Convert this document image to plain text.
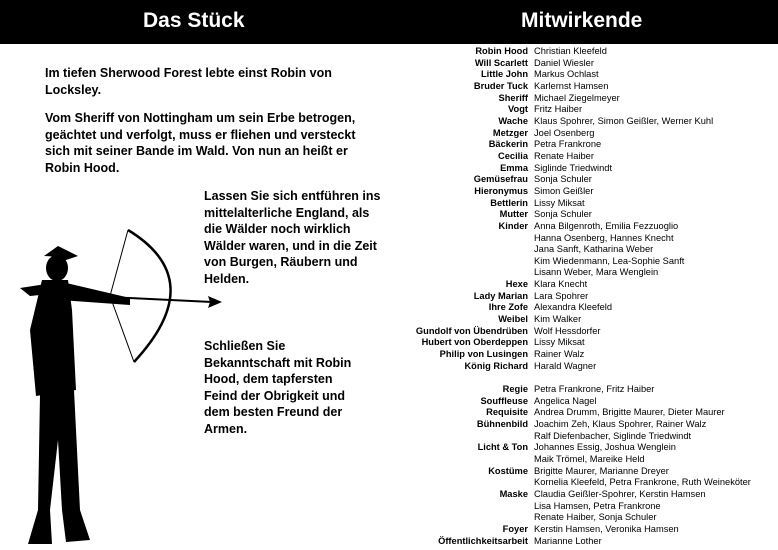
Das Stück	Mitwirkende

Im tiefen Sherwood Forest lebte einst Robin von Locksley.

Vom Sheriff von Nottingham um sein Erbe betrogen, geächtet und verfolgt, muss er fliehen und versteckt sich mit seiner Bande im Wald. Von nun an heißt er Robin Hood.

Lassen Sie sich entführen ins mittelalterliche England, als die Wälder noch wirklich Wälder waren, und in die Zeit von Burgen, Räubern und Helden.

Schließen Sie Bekanntschaft mit Robin Hood, dem tapfersten Feind der Obrigkeit und dem besten Freund der Armen.

Robin Hood Christian Kleefeld
Will Scarlett Daniel Wiesler
Little John Markus Ochlast
Bruder Tuck Karlernst Hamsen
Sheriff Michael Ziegelmeyer
Vogt Fritz Haiber
Wache Klaus Spohrer, Simon Geißler, Werner Kuhl
Metzger Joel Osenberg
Bäckerin Petra Frankrone
Cecilia Renate Haiber
Emma Siglinde Triedwindt
Gemüsefrau Sonja Schuler
Hieronymus Simon Geißler
Bettlerin Lissy Miksat
Mutter Sonja Schuler
Kinder Anna Bilgenroth, Emilia Fezzuoglio
Hanna Osenberg, Hannes Knecht
Jana Sanft, Katharina Weber
Kim Wiedenmann, Lea-Sophie Sanft
Lisann Weber, Mara Wenglein
Hexe Klara Knecht
Lady Marian Lara Spohrer
Ihre Zofe Alexandra Kleefeld
Weibel Kim Walker
Gundolf von Übendrüben Wolf Hessdorfer
Hubert von Oberdeppen Lissy Miksat
Philip von Lusingen Rainer Walz
König Richard Harald Wagner
Regie Petra Frankrone, Fritz Haiber
Souffleuse Angelica Nagel
Requisite Andrea Drumm, Brigitte Maurer, Dieter Maurer
Bühnenbild Joachim Zeh, Klaus Spohrer, Rainer Walz
Ralf Diefenbacher, Siglinde Triedwindt
Licht & Ton Johannes Essig, Joshua Wenglein
Maik Trömel, Mareike Held
Kostüme Brigitte Maurer, Marianne Dreyer
Kornelia Kleefeld, Petra Frankrone, Ruth Weineköter
Maske Claudia Geißler-Spohrer, Kerstin Hamsen
Lisa Hamsen, Petra Frankrone
Renate Haiber, Sonja Schuler
Foyer Kerstin Hamsen, Veronika Hamsen
Öffentlichkeitsarbeit Marianne Lother
